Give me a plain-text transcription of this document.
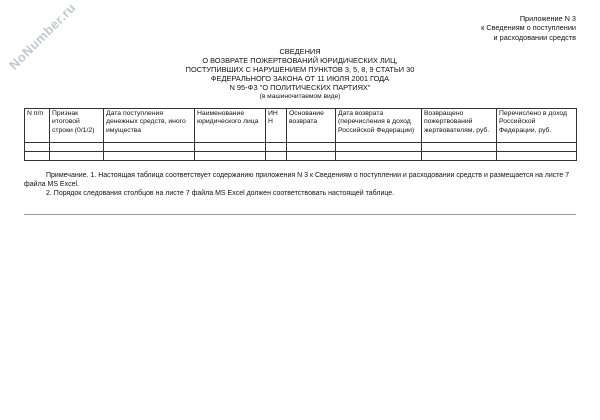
NoNumber.ru	Приложение N 3
к Сведениям о поступлении
и расходовании средств
СВЕДЕНИЯ
О ВОЗВРАТЕ ПОЖЕРТВОВАНИЙ ЮРИДИЧЕСКИХ ЛИЦ,
ПОСТУПИВШИХ С НАРУШЕНИЕМ ПУНКТОВ 3, 5, 8, 9 СТАТЬИ 30
ФЕДЕРАЛЬНОГО ЗАКОНА ОТ 11 ИЮЛЯ 2001 ГОДА
N 95-ФЗ "О ПОЛИТИЧЕСКИХ ПАРТИЯХ"
(в машиночитаемом виде)
N п/п	Признак итоговой строки (0/1/2)	Дата поступления денежных средств, иного имущества	Наименование юридического лица	ИН Н	Основание возврата	Дата возврата (перечисления в доход Российской Федерации)	Возвращено пожертвований жертвователям, руб.	Перечислено в доход Российской Федерации, руб.

Примечание. 1. Настоящая таблица соответствует содержанию приложения N 3 к Сведениям о поступлении и расходовании средств и размещается на листе 7 файла MS Excel.
2. Порядок следования столбцов на листе 7 файла MS Excel должен соответствовать настоящей таблице.
